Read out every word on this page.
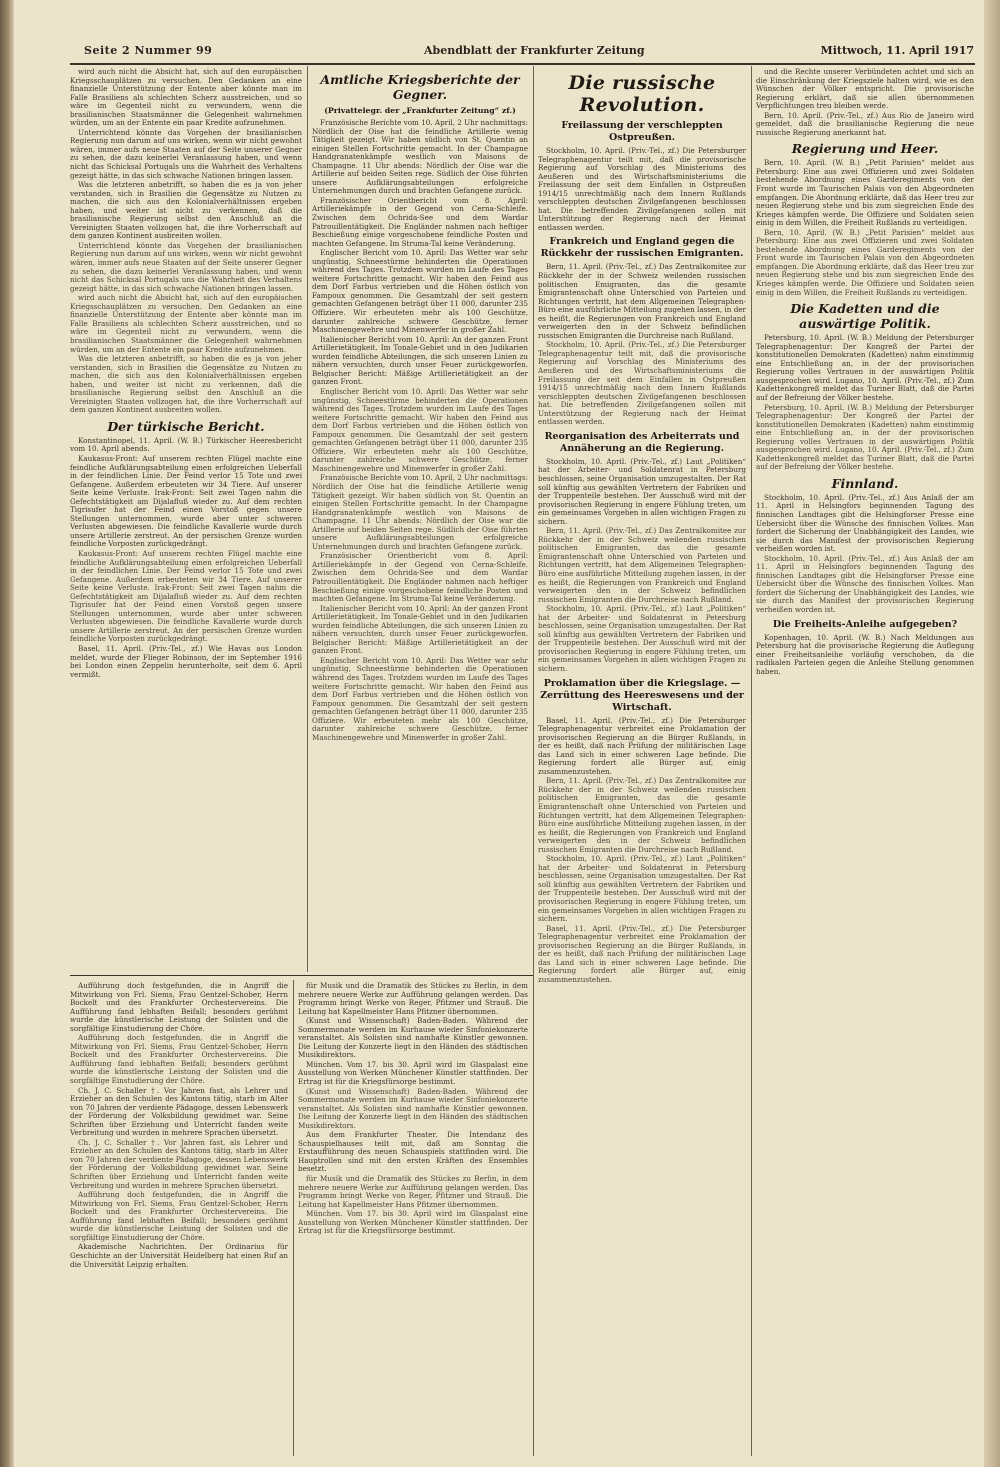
Seite 2 Nummer 99	Abendblatt der Frankfurter Zeitung	Mittwoch, 11. April 1917

wird auch nicht die Absicht hat, sich auf den europäischen Kriegsschauplätzen zu versuchen. Den Gedanken an eine finanzielle Unterstützung der Entente aber könnte man im Falle Brasiliens als schlechten Scherz ausstreichen, und so wäre im Gegenteil nicht zu verwundern, wenn die brasilianischen Staatsmänner die Gelegenheit wahrnehmen würden, um an der Entente ein paar Kredite aufzunehmen.

Unterrichtend könnte das Vorgehen der brasilianischen Regierung nun darum auf uns wirken, wenn wir nicht gewohnt wären, immer aufs neue Staaten auf der Seite unserer Gegner zu sehen, die dazu keinerlei Veranlassung haben, und wenn nicht das Schicksal Portugals uns die Wahrheit des Verhaltens gezeigt hätte, in das sich schwache Nationen bringen lassen.

Was die letzteren anbetrifft, so haben die es ja von jeher verstanden, sich in Brasilien die Gegensätze zu Nutzen zu machen, die sich aus den Kolonialverhältnissen ergeben haben, und weiter ist nicht zu verkennen, daß die brasilianische Regierung selbst den Anschluß an die Vereinigten Staaten vollzogen hat, die ihre Vorherrschaft auf dem ganzen Kontinent ausbreiten wollen.

Unterrichtend könnte das Vorgehen der brasilianischen Regierung nun darum auf uns wirken, wenn wir nicht gewohnt wären, immer aufs neue Staaten auf der Seite unserer Gegner zu sehen, die dazu keinerlei Veranlassung haben, und wenn nicht das Schicksal Portugals uns die Wahrheit des Verhaltens gezeigt hätte, in das sich schwache Nationen bringen lassen.

wird auch nicht die Absicht hat, sich auf den europäischen Kriegsschauplätzen zu versuchen. Den Gedanken an eine finanzielle Unterstützung der Entente aber könnte man im Falle Brasiliens als schlechten Scherz ausstreichen, und so wäre im Gegenteil nicht zu verwundern, wenn die brasilianischen Staatsmänner die Gelegenheit wahrnehmen würden, um an der Entente ein paar Kredite aufzunehmen.

Was die letzteren anbetrifft, so haben die es ja von jeher verstanden, sich in Brasilien die Gegensätze zu Nutzen zu machen, die sich aus den Kolonialverhältnissen ergeben haben, und weiter ist nicht zu verkennen, daß die brasilianische Regierung selbst den Anschluß an die Vereinigten Staaten vollzogen hat, die ihre Vorherrschaft auf dem ganzen Kontinent ausbreiten wollen.

Der türkische Bericht.

Konstantinopel, 11. April. (W. B.) Türkischer Heeresbericht vom 10. April abends.

Kaukasus-Front: Auf unserem rechten Flügel machte eine feindliche Aufklärungsabteilung einen erfolgreichen Ueberfall in der feindlichen Linie. Der Feind verlor 15 Tote und zwei Gefangene. Außerdem erbeuteten wir 34 Tiere. Auf unserer Seite keine Verluste. Irak-Front: Seit zwei Tagen nahm die Gefechtstätigkeit am Dijalafluß wieder zu. Auf dem rechten Tigrisufer hat der Feind einen Vorstoß gegen unsere Stellungen unternommen, wurde aber unter schweren Verlusten abgewiesen. Die feindliche Kavallerie wurde durch unsere Artillerie zerstreut. An der persischen Grenze wurden feindliche Vorposten zurückgedrängt.

Kaukasus-Front: Auf unserem rechten Flügel machte eine feindliche Aufklärungsabteilung einen erfolgreichen Ueberfall in der feindlichen Linie. Der Feind verlor 15 Tote und zwei Gefangene. Außerdem erbeuteten wir 34 Tiere. Auf unserer Seite keine Verluste. Irak-Front: Seit zwei Tagen nahm die Gefechtstätigkeit am Dijalafluß wieder zu. Auf dem rechten Tigrisufer hat der Feind einen Vorstoß gegen unsere Stellungen unternommen, wurde aber unter schweren Verlusten abgewiesen. Die feindliche Kavallerie wurde durch unsere Artillerie zerstreut. An der persischen Grenze wurden feindliche Vorposten zurückgedrängt.

Basel, 11. April. (Priv.-Tel., zf.) Wie Havas aus London meldet, wurde der Flieger Robinson, der im September 1916 bei London einen Zeppelin herunterholte, seit dem 6. April vermißt.

Amtliche Kriegsberichte der Gegner.
(Privattelegr. der „Frankfurter Zeitung“ zf.)

Französische Berichte vom 10. April, 2 Uhr nachmittags: Nördlich der Oise hat die feindliche Artillerie wenig Tätigkeit gezeigt. Wir haben südlich von St. Quentin an einigen Stellen Fortschritte gemacht. In der Champagne Handgranatenkämpfe westlich von Maisons de Champagne. 11 Uhr abends: Nördlich der Oise war die Artillerie auf beiden Seiten rege. Südlich der Oise führten unsere Aufklärungsabteilungen erfolgreiche Unternehmungen durch und brachten Gefangene zurück.

Französischer Orientbericht vom 8. April: Artilleriekämpfe in der Gegend von Cerna-Schleife. Zwischen dem Ochrida-See und dem Wardar Patrouillentätigkeit. Die Engländer nahmen nach heftiger Beschießung einige vorgeschobene feindliche Posten und machten Gefangene. Im Struma-Tal keine Veränderung.

Englischer Bericht vom 10. April: Das Wetter war sehr ungünstig, Schneestürme behinderten die Operationen während des Tages. Trotzdem wurden im Laufe des Tages weitere Fortschritte gemacht. Wir haben den Feind aus dem Dorf Farbus vertrieben und die Höhen östlich von Fampoux genommen. Die Gesamtzahl der seit gestern gemachten Gefangenen beträgt über 11 000, darunter 235 Offiziere. Wir erbeuteten mehr als 100 Geschütze, darunter zahlreiche schwere Geschütze, ferner Maschinengewehre und Minenwerfer in großer Zahl.

Italienischer Bericht vom 10. April: An der ganzen Front Artillerietätigkeit. Im Tonale-Gebiet und in den Judikarien wurden feindliche Abteilungen, die sich unseren Linien zu nähern versuchten, durch unser Feuer zurückgeworfen. Belgischer Bericht: Mäßige Artillerietätigkeit an der ganzen Front.

Englischer Bericht vom 10. April: Das Wetter war sehr ungünstig, Schneestürme behinderten die Operationen während des Tages. Trotzdem wurden im Laufe des Tages weitere Fortschritte gemacht. Wir haben den Feind aus dem Dorf Farbus vertrieben und die Höhen östlich von Fampoux genommen. Die Gesamtzahl der seit gestern gemachten Gefangenen beträgt über 11 000, darunter 235 Offiziere. Wir erbeuteten mehr als 100 Geschütze, darunter zahlreiche schwere Geschütze, ferner Maschinengewehre und Minenwerfer in großer Zahl.

Französische Berichte vom 10. April, 2 Uhr nachmittags: Nördlich der Oise hat die feindliche Artillerie wenig Tätigkeit gezeigt. Wir haben südlich von St. Quentin an einigen Stellen Fortschritte gemacht. In der Champagne Handgranatenkämpfe westlich von Maisons de Champagne. 11 Uhr abends: Nördlich der Oise war die Artillerie auf beiden Seiten rege. Südlich der Oise führten unsere Aufklärungsabteilungen erfolgreiche Unternehmungen durch und brachten Gefangene zurück.

Französischer Orientbericht vom 8. April: Artilleriekämpfe in der Gegend von Cerna-Schleife. Zwischen dem Ochrida-See und dem Wardar Patrouillentätigkeit. Die Engländer nahmen nach heftiger Beschießung einige vorgeschobene feindliche Posten und machten Gefangene. Im Struma-Tal keine Veränderung.

Italienischer Bericht vom 10. April: An der ganzen Front Artillerietätigkeit. Im Tonale-Gebiet und in den Judikarien wurden feindliche Abteilungen, die sich unseren Linien zu nähern versuchten, durch unser Feuer zurückgeworfen. Belgischer Bericht: Mäßige Artillerietätigkeit an der ganzen Front.

Englischer Bericht vom 10. April: Das Wetter war sehr ungünstig, Schneestürme behinderten die Operationen während des Tages. Trotzdem wurden im Laufe des Tages weitere Fortschritte gemacht. Wir haben den Feind aus dem Dorf Farbus vertrieben und die Höhen östlich von Fampoux genommen. Die Gesamtzahl der seit gestern gemachten Gefangenen beträgt über 11 000, darunter 235 Offiziere. Wir erbeuteten mehr als 100 Geschütze, darunter zahlreiche schwere Geschütze, ferner Maschinengewehre und Minenwerfer in großer Zahl.

Die russische Revolution.
Freilassung der verschleppten Ostpreußen.

Stockholm, 10. April. (Priv.-Tel., zf.) Die Petersburger Telegraphenagentur teilt mit, daß die provisorische Regierung auf Vorschlag des Ministeriums des Aeußeren und des Wirtschaftsministeriums die Freilassung der seit dem Einfallen in Ostpreußen 1914/15 unrechtmäßig nach dem Innern Rußlands verschleppten deutschen Zivilgefangenen beschlossen hat. Die betreffenden Zivilgefangenen sollen mit Unterstützung der Regierung nach der Heimat entlassen werden.

Frankreich und England gegen die Rückkehr der russischen Emigranten.

Bern, 11. April. (Priv.-Tel., zf.) Das Zentralkomitee zur Rückkehr der in der Schweiz weilenden russischen politischen Emigranten, das die gesamte Emigrantenschaft ohne Unterschied von Parteien und Richtungen vertritt, hat dem Allgemeinen Telegraphen-Büro eine ausführliche Mitteilung zugehen lassen, in der es heißt, die Regierungen von Frankreich und England verweigerten den in der Schweiz befindlichen russischen Emigranten die Durchreise nach Rußland.

Stockholm, 10. April. (Priv.-Tel., zf.) Die Petersburger Telegraphenagentur teilt mit, daß die provisorische Regierung auf Vorschlag des Ministeriums des Aeußeren und des Wirtschaftsministeriums die Freilassung der seit dem Einfallen in Ostpreußen 1914/15 unrechtmäßig nach dem Innern Rußlands verschleppten deutschen Zivilgefangenen beschlossen hat. Die betreffenden Zivilgefangenen sollen mit Unterstützung der Regierung nach der Heimat entlassen werden.

Reorganisation des Arbeiterrats und Annäherung an die Regierung.

Stockholm, 10. April. (Priv.-Tel., zf.) Laut „Politiken“ hat der Arbeiter- und Soldatenrat in Petersburg beschlossen, seine Organisation umzugestalten. Der Rat soll künftig aus gewählten Vertretern der Fabriken und der Truppenteile bestehen. Der Ausschuß wird mit der provisorischen Regierung in engere Fühlung treten, um ein gemeinsames Vorgehen in allen wichtigen Fragen zu sichern.

Bern, 11. April. (Priv.-Tel., zf.) Das Zentralkomitee zur Rückkehr der in der Schweiz weilenden russischen politischen Emigranten, das die gesamte Emigrantenschaft ohne Unterschied von Parteien und Richtungen vertritt, hat dem Allgemeinen Telegraphen-Büro eine ausführliche Mitteilung zugehen lassen, in der es heißt, die Regierungen von Frankreich und England verweigerten den in der Schweiz befindlichen russischen Emigranten die Durchreise nach Rußland.

Stockholm, 10. April. (Priv.-Tel., zf.) Laut „Politiken“ hat der Arbeiter- und Soldatenrat in Petersburg beschlossen, seine Organisation umzugestalten. Der Rat soll künftig aus gewählten Vertretern der Fabriken und der Truppenteile bestehen. Der Ausschuß wird mit der provisorischen Regierung in engere Fühlung treten, um ein gemeinsames Vorgehen in allen wichtigen Fragen zu sichern.

Proklamation über die Kriegslage. — Zerrüttung des Heereswesens und der Wirtschaft.

Basel, 11. April. (Priv.-Tel., zf.) Die Petersburger Telegraphenagentur verbreitet eine Proklamation der provisorischen Regierung an die Bürger Rußlands, in der es heißt, daß nach Prüfung der militärischen Lage das Land sich in einer schweren Lage befinde. Die Regierung fordert alle Bürger auf, einig zusammenzustehen.

Bern, 11. April. (Priv.-Tel., zf.) Das Zentralkomitee zur Rückkehr der in der Schweiz weilenden russischen politischen Emigranten, das die gesamte Emigrantenschaft ohne Unterschied von Parteien und Richtungen vertritt, hat dem Allgemeinen Telegraphen-Büro eine ausführliche Mitteilung zugehen lassen, in der es heißt, die Regierungen von Frankreich und England verweigerten den in der Schweiz befindlichen russischen Emigranten die Durchreise nach Rußland.

Stockholm, 10. April. (Priv.-Tel., zf.) Laut „Politiken“ hat der Arbeiter- und Soldatenrat in Petersburg beschlossen, seine Organisation umzugestalten. Der Rat soll künftig aus gewählten Vertretern der Fabriken und der Truppenteile bestehen. Der Ausschuß wird mit der provisorischen Regierung in engere Fühlung treten, um ein gemeinsames Vorgehen in allen wichtigen Fragen zu sichern.

Basel, 11. April. (Priv.-Tel., zf.) Die Petersburger Telegraphenagentur verbreitet eine Proklamation der provisorischen Regierung an die Bürger Rußlands, in der es heißt, daß nach Prüfung der militärischen Lage das Land sich in einer schweren Lage befinde. Die Regierung fordert alle Bürger auf, einig zusammenzustehen.

und die Rechte unserer Verbündeten achtet und sich an die Einschränkung der Kriegsziele halten wird, wie es den Wünschen der Völker entspricht. Die provisorische Regierung erklärt, daß sie allen übernommenen Verpflichtungen treu bleiben werde.

Bern, 10. April. (Priv.-Tel., zf.) Aus Rio de Janeiro wird gemeldet, daß die brasilianische Regierung die neue russische Regierung anerkannt hat.

Regierung und Heer.

Bern, 10. April. (W. B.) „Petit Parisien“ meldet aus Petersburg: Eine aus zwei Offizieren und zwei Soldaten bestehende Abordnung eines Garderegiments von der Front wurde im Taurischen Palais von den Abgeordneten empfangen. Die Abordnung erklärte, daß das Heer treu zur neuen Regierung stehe und bis zum siegreichen Ende des Krieges kämpfen werde. Die Offiziere und Soldaten seien einig in dem Willen, die Freiheit Rußlands zu verteidigen.

Bern, 10. April. (W. B.) „Petit Parisien“ meldet aus Petersburg: Eine aus zwei Offizieren und zwei Soldaten bestehende Abordnung eines Garderegiments von der Front wurde im Taurischen Palais von den Abgeordneten empfangen. Die Abordnung erklärte, daß das Heer treu zur neuen Regierung stehe und bis zum siegreichen Ende des Krieges kämpfen werde. Die Offiziere und Soldaten seien einig in dem Willen, die Freiheit Rußlands zu verteidigen.

Die Kadetten und die auswärtige Politik.

Petersburg, 10. April. (W. B.) Meldung der Petersburger Telegraphenagentur: Der Kongreß der Partei der konstitutionellen Demokraten (Kadetten) nahm einstimmig eine Entschließung an, in der der provisorischen Regierung volles Vertrauen in der auswärtigen Politik ausgesprochen wird. Lugano, 10. April. (Priv.-Tel., zf.) Zum Kadettenkongreß meldet das Turiner Blatt, daß die Partei auf der Befreiung der Völker bestehe.

Petersburg, 10. April. (W. B.) Meldung der Petersburger Telegraphenagentur: Der Kongreß der Partei der konstitutionellen Demokraten (Kadetten) nahm einstimmig eine Entschließung an, in der der provisorischen Regierung volles Vertrauen in der auswärtigen Politik ausgesprochen wird. Lugano, 10. April. (Priv.-Tel., zf.) Zum Kadettenkongreß meldet das Turiner Blatt, daß die Partei auf der Befreiung der Völker bestehe.

Finnland.

Stockholm, 10. April. (Priv.-Tel., zf.) Aus Anlaß der am 11. April in Helsingfors beginnenden Tagung des finnischen Landtages gibt die Helsingforser Presse eine Uebersicht über die Wünsche des finnischen Volkes. Man fordert die Sicherung der Unabhängigkeit des Landes, wie sie durch das Manifest der provisorischen Regierung verheißen worden ist.

Stockholm, 10. April. (Priv.-Tel., zf.) Aus Anlaß der am 11. April in Helsingfors beginnenden Tagung des finnischen Landtages gibt die Helsingforser Presse eine Uebersicht über die Wünsche des finnischen Volkes. Man fordert die Sicherung der Unabhängigkeit des Landes, wie sie durch das Manifest der provisorischen Regierung verheißen worden ist.

Die Freiheits-Anleihe aufgegeben?

Kopenhagen, 10. April. (W. B.) Nach Meldungen aus Petersburg hat die provisorische Regierung die Auflegung einer Freiheitsanleihe vorläufig verschoben, da die radikalen Parteien gegen die Anleihe Stellung genommen haben.

Aufführung doch festgefunden, die in Angriff die Mitwirkung von Frl. Siems, Frau Gentzel-Schober, Herrn Bockelt und des Frankfurter Orchestervereins. Die Aufführung fand lebhaften Beifall; besonders gerühmt wurde die künstlerische Leistung der Solisten und die sorgfältige Einstudierung der Chöre.

Aufführung doch festgefunden, die in Angriff die Mitwirkung von Frl. Siems, Frau Gentzel-Schober, Herrn Bockelt und des Frankfurter Orchestervereins. Die Aufführung fand lebhaften Beifall; besonders gerühmt wurde die künstlerische Leistung der Solisten und die sorgfältige Einstudierung der Chöre.

Ch. J. C. Schaller †. Vor Jahren fast, als Lehrer und Erzieher an den Schulen des Kantons tätig, starb im Alter von 70 Jahren der verdiente Pädagoge, dessen Lebenswerk der Förderung der Volksbildung gewidmet war. Seine Schriften über Erziehung und Unterricht fanden weite Verbreitung und wurden in mehrere Sprachen übersetzt.

Ch. J. C. Schaller †. Vor Jahren fast, als Lehrer und Erzieher an den Schulen des Kantons tätig, starb im Alter von 70 Jahren der verdiente Pädagoge, dessen Lebenswerk der Förderung der Volksbildung gewidmet war. Seine Schriften über Erziehung und Unterricht fanden weite Verbreitung und wurden in mehrere Sprachen übersetzt.

Aufführung doch festgefunden, die in Angriff die Mitwirkung von Frl. Siems, Frau Gentzel-Schober, Herrn Bockelt und des Frankfurter Orchestervereins. Die Aufführung fand lebhaften Beifall; besonders gerühmt wurde die künstlerische Leistung der Solisten und die sorgfältige Einstudierung der Chöre.

Akademische Nachrichten. Der Ordinarius für Geschichte an der Universität Heidelberg hat einen Ruf an die Universität Leipzig erhalten.

für Musik und die Dramatik des Stückes zu Berlin, in dem mehrere neuere Werke zur Aufführung gelangen werden. Das Programm bringt Werke von Reger, Pfitzner und Strauß. Die Leitung hat Kapellmeister Hans Pfitzner übernommen.

(Kunst und Wissenschaft) Baden-Baden. Während der Sommermonate werden im Kurhause wieder Sinfoniekonzerte veranstaltet. Als Solisten sind namhafte Künstler gewonnen. Die Leitung der Konzerte liegt in den Händen des städtischen Musikdirektors.

München. Vom 17. bis 30. April wird im Glaspalast eine Ausstellung von Werken Münchener Künstler stattfinden. Der Ertrag ist für die Kriegsfürsorge bestimmt.

(Kunst und Wissenschaft) Baden-Baden. Während der Sommermonate werden im Kurhause wieder Sinfoniekonzerte veranstaltet. Als Solisten sind namhafte Künstler gewonnen. Die Leitung der Konzerte liegt in den Händen des städtischen Musikdirektors.

Aus dem Frankfurter Theater. Die Intendanz des Schauspielhauses teilt mit, daß am Sonntag die Erstaufführung des neuen Schauspiels stattfinden wird. Die Hauptrollen sind mit den ersten Kräften des Ensembles besetzt.

für Musik und die Dramatik des Stückes zu Berlin, in dem mehrere neuere Werke zur Aufführung gelangen werden. Das Programm bringt Werke von Reger, Pfitzner und Strauß. Die Leitung hat Kapellmeister Hans Pfitzner übernommen.

München. Vom 17. bis 30. April wird im Glaspalast eine Ausstellung von Werken Münchener Künstler stattfinden. Der Ertrag ist für die Kriegsfürsorge bestimmt.
